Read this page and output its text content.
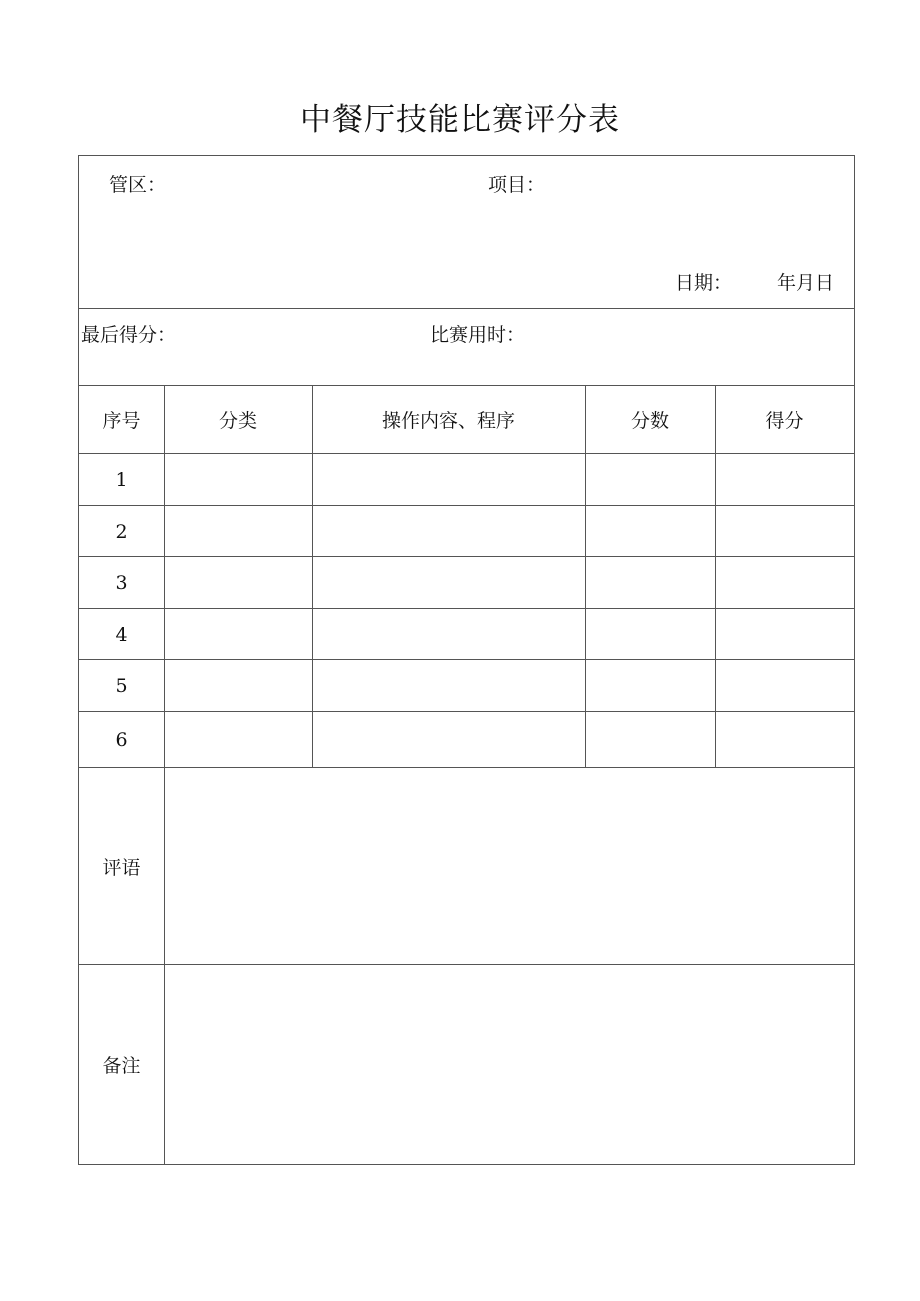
中餐厅技能比赛评分表
管区：	项目：
日期： 年月日
最后得分：	比赛用时：
序号	分类	操作内容、程序	分数	得分
1
2
3
4
5
6
评语
备注
